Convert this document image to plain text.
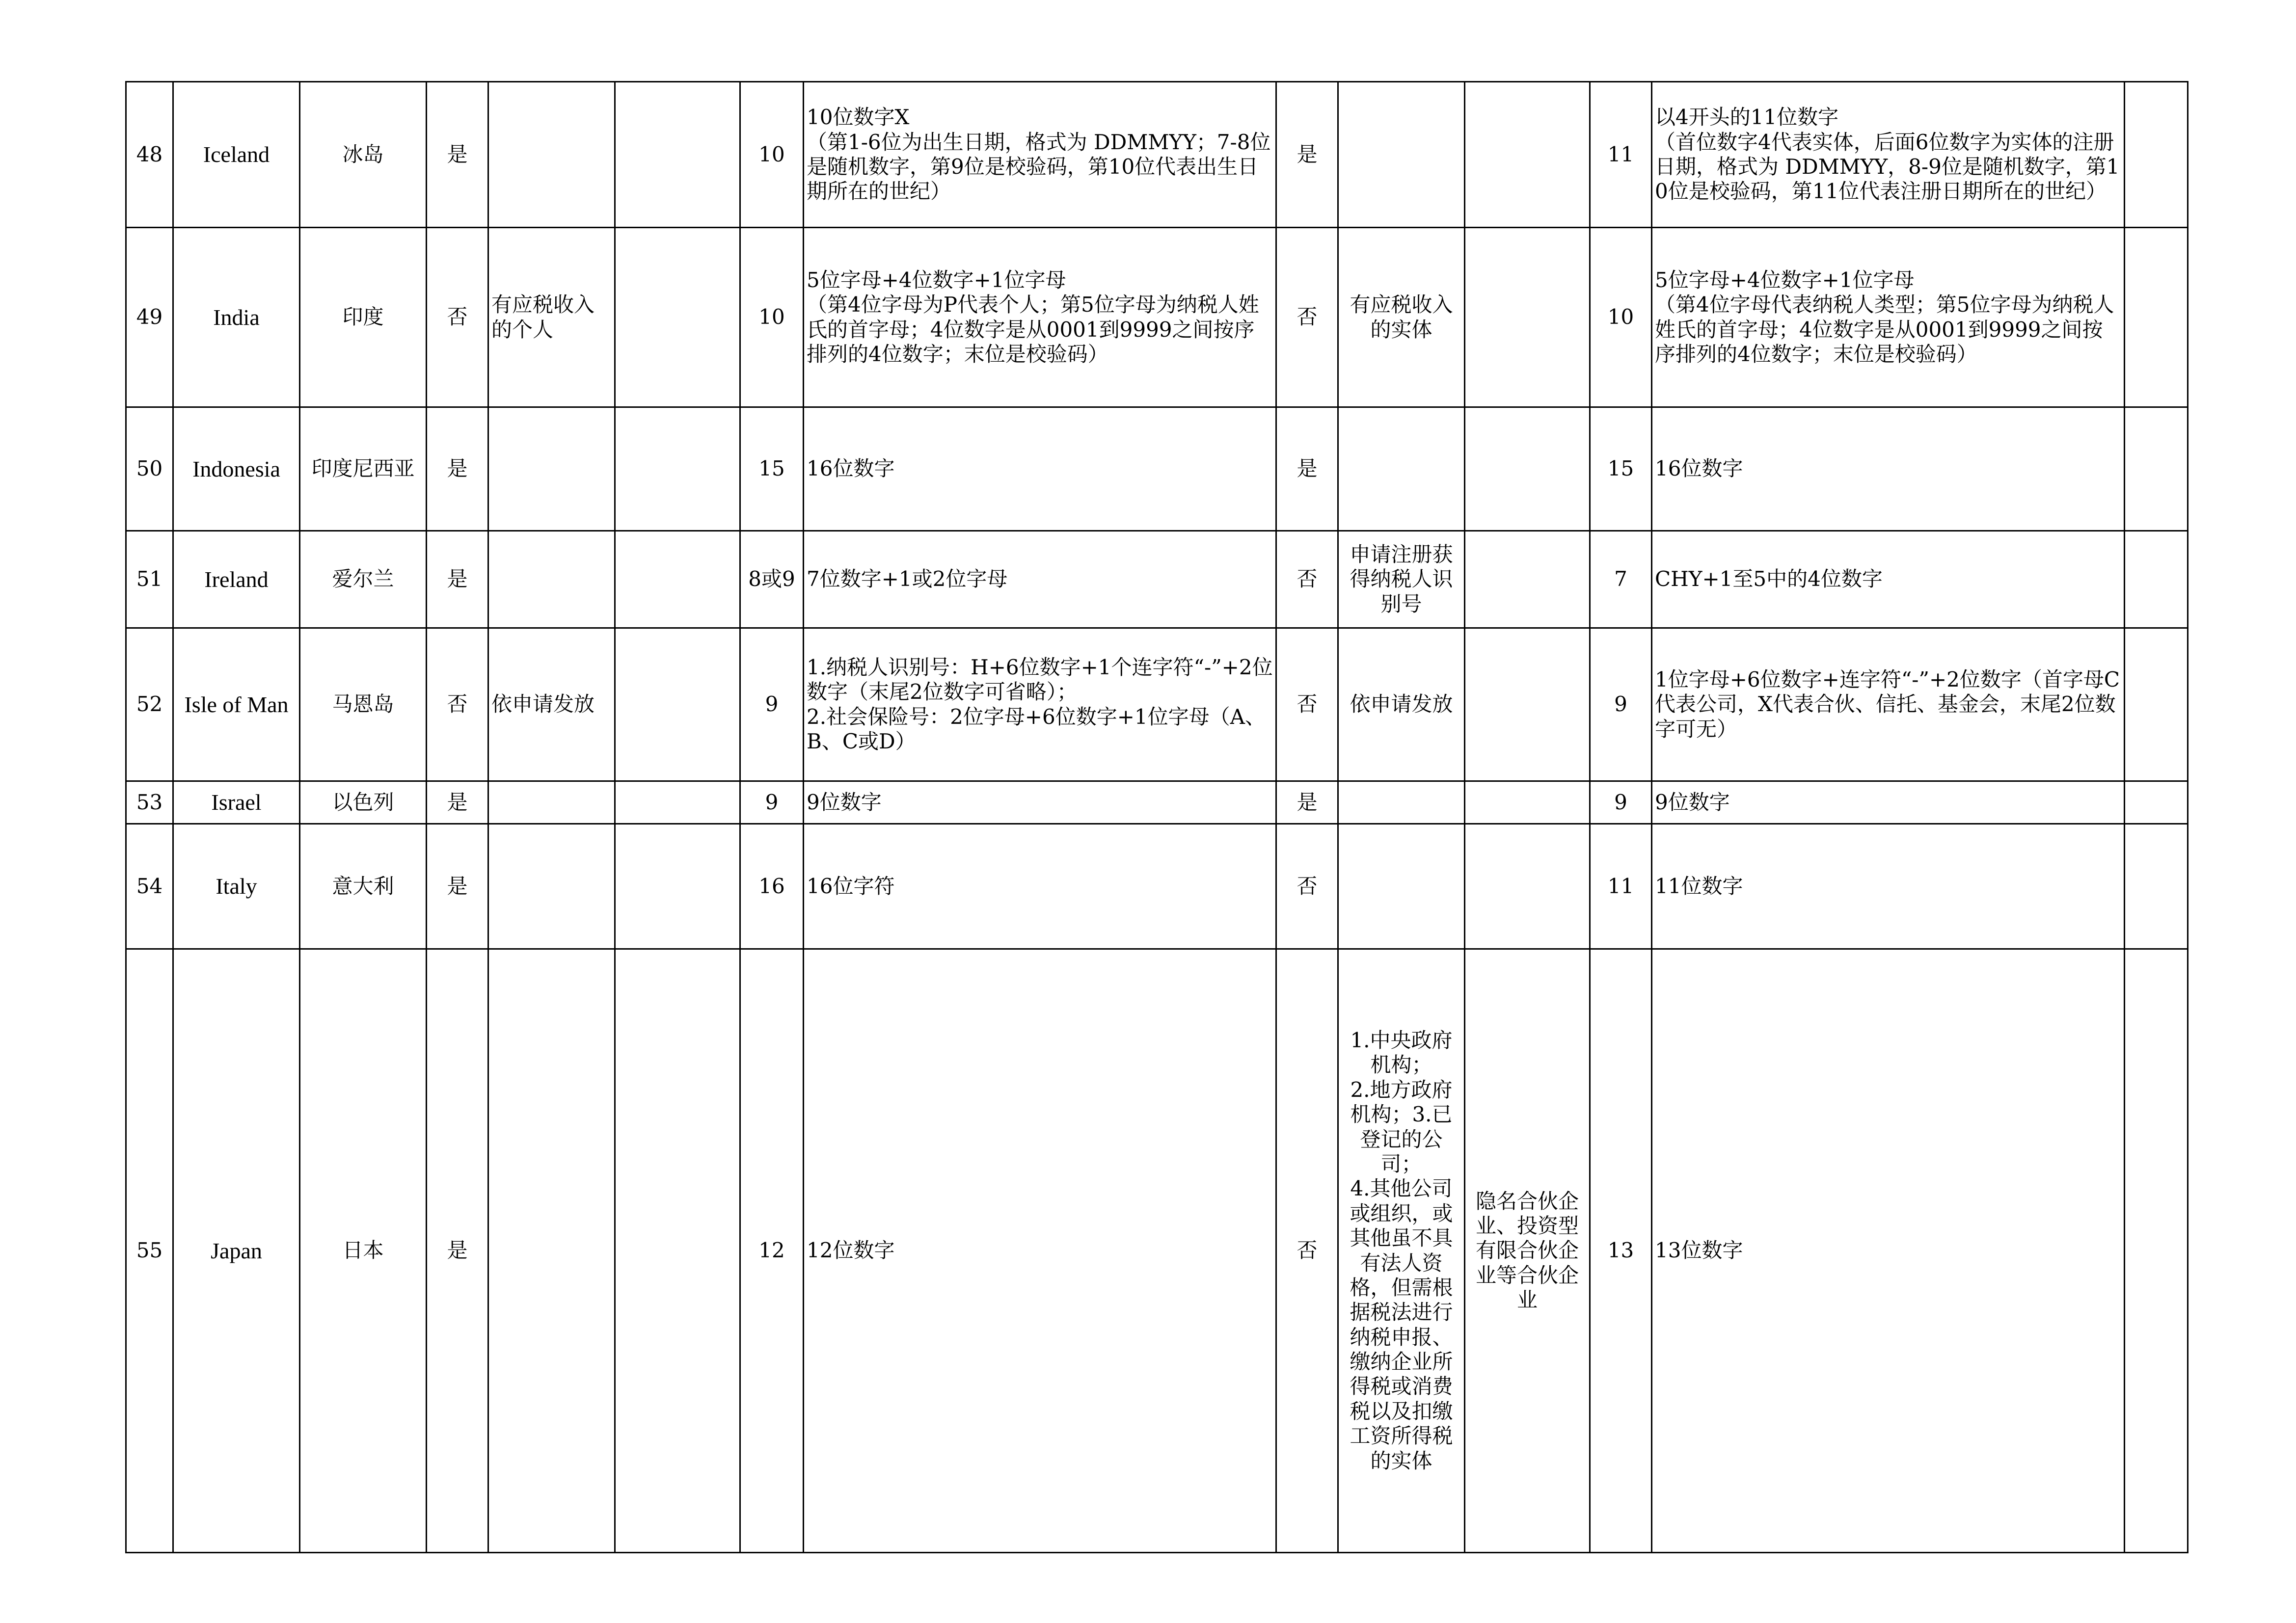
48	Iceland	冰岛	是			10	10位数字X
（第1-6位为出生日期，格式为 DDMMYY；7-8位是随机数字，第9位是校验码，第10位代表出生日期所在的世纪）	是			11	以4开头的11位数字
（首位数字4代表实体，后面6位数字为实体的注册日期，格式为 DDMMYY，8-9位是随机数字，第10位是校验码，第11位代表注册日期所在的世纪）	
49	India	印度	否	有应税收入的个人		10	5位字母+4位数字+1位字母
（第4位字母为P代表个人；第5位字母为纳税人姓氏的首字母；4位数字是从0001到9999之间按序排列的4位数字；末位是校验码）	否	有应税收入的实体		10	5位字母+4位数字+1位字母
（第4位字母代表纳税人类型；第5位字母为纳税人姓氏的首字母；4位数字是从0001到9999之间按序排列的4位数字；末位是校验码）	
50	Indonesia	印度尼西亚	是			15	16位数字	是			15	16位数字	
51	Ireland	爱尔兰	是			8或9	7位数字+1或2位字母	否	申请注册获得纳税人识别号		7	CHY+1至5中的4位数字	
52	Isle of Man	马恩岛	否	依申请发放		9	1.纳税人识别号：H+6位数字+1个连字符“-”+2位数字（末尾2位数字可省略）；
2.社会保险号：2位字母+6位数字+1位字母（A、B、C或D）	否	依申请发放		9	1位字母+6位数字+连字符“-”+2位数字（首字母C代表公司，X代表合伙、信托、基金会，末尾2位数字可无）	
53	Israel	以色列	是			9	9位数字	是			9	9位数字	
54	Italy	意大利	是			16	16位字符	否			11	11位数字	
55	Japan	日本	是			12	12位数字	否	1.中央政府机构；
2.地方政府机构；3.已登记的公司；
4.其他公司或组织，或其他虽不具有法人资格，但需根据税法进行纳税申报、缴纳企业所得税或消费税以及扣缴工资所得税的实体	隐名合伙企业、投资型有限合伙企业等合伙企业	13	13位数字	
